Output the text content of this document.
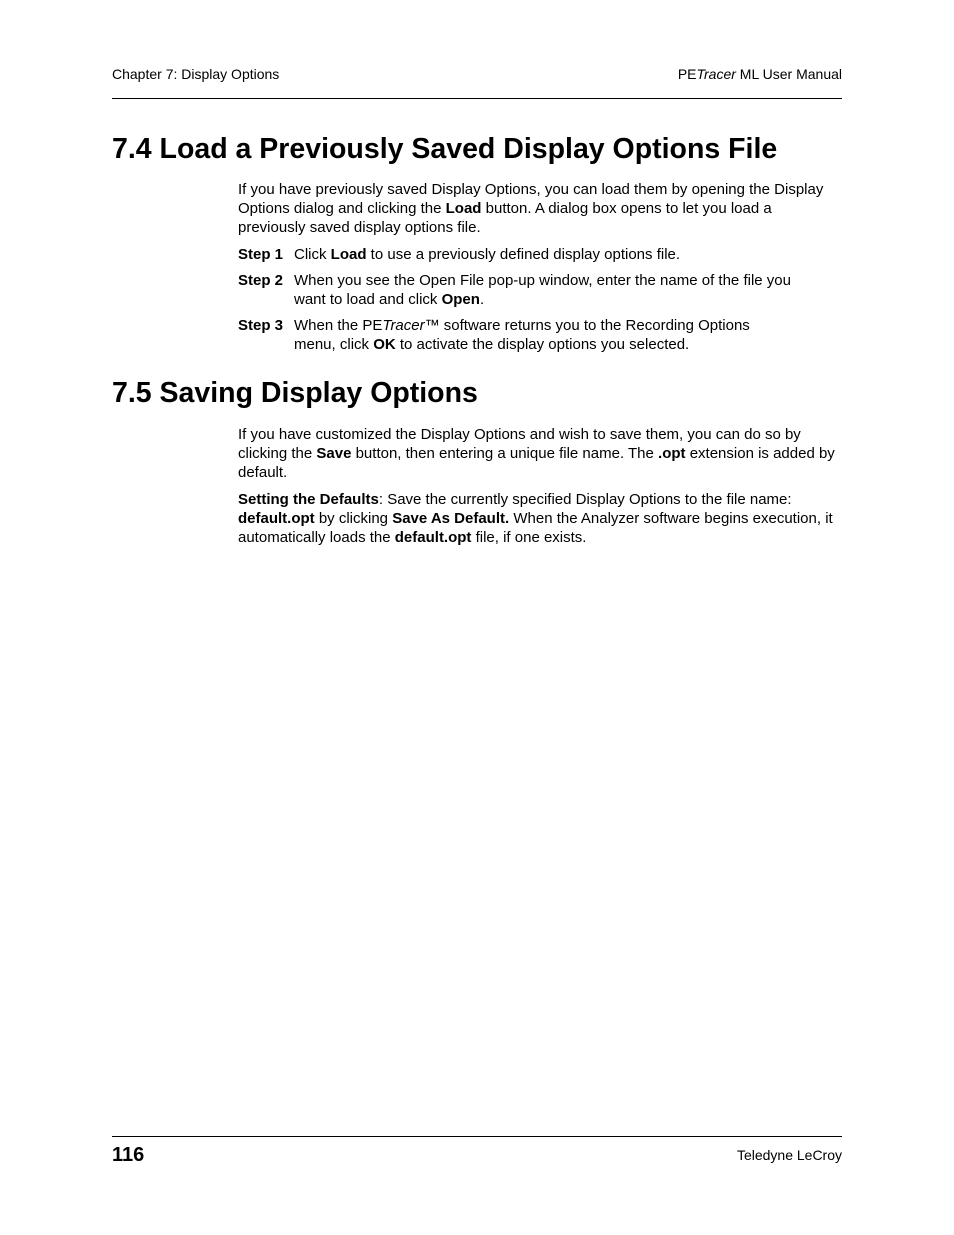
Chapter 7: Display Options	PETracer ML User Manual
7.4 Load a Previously Saved Display Options File

If you have previously saved Display Options, you can load them by opening the Display Options dialog and clicking the Load button. A dialog box opens to let you load a previously saved display options file.

Step 1 Click Load to use a previously defined display options file.
Step 2 When you see the Open File pop-up window, enter the name of the file you want to load and click Open.
Step 3 When the PETracer™ software returns you to the Recording Options menu, click OK to activate the display options you selected.
7.5 Saving Display Options

If you have customized the Display Options and wish to save them, you can do so by clicking the Save button, then entering a unique file name. The .opt extension is added by default.

Setting the Defaults: Save the currently specified Display Options to the file name: default.opt by clicking Save As Default. When the Analyzer software begins execution, it automatically loads the default.opt file, if one exists.

116	Teledyne LeCroy
